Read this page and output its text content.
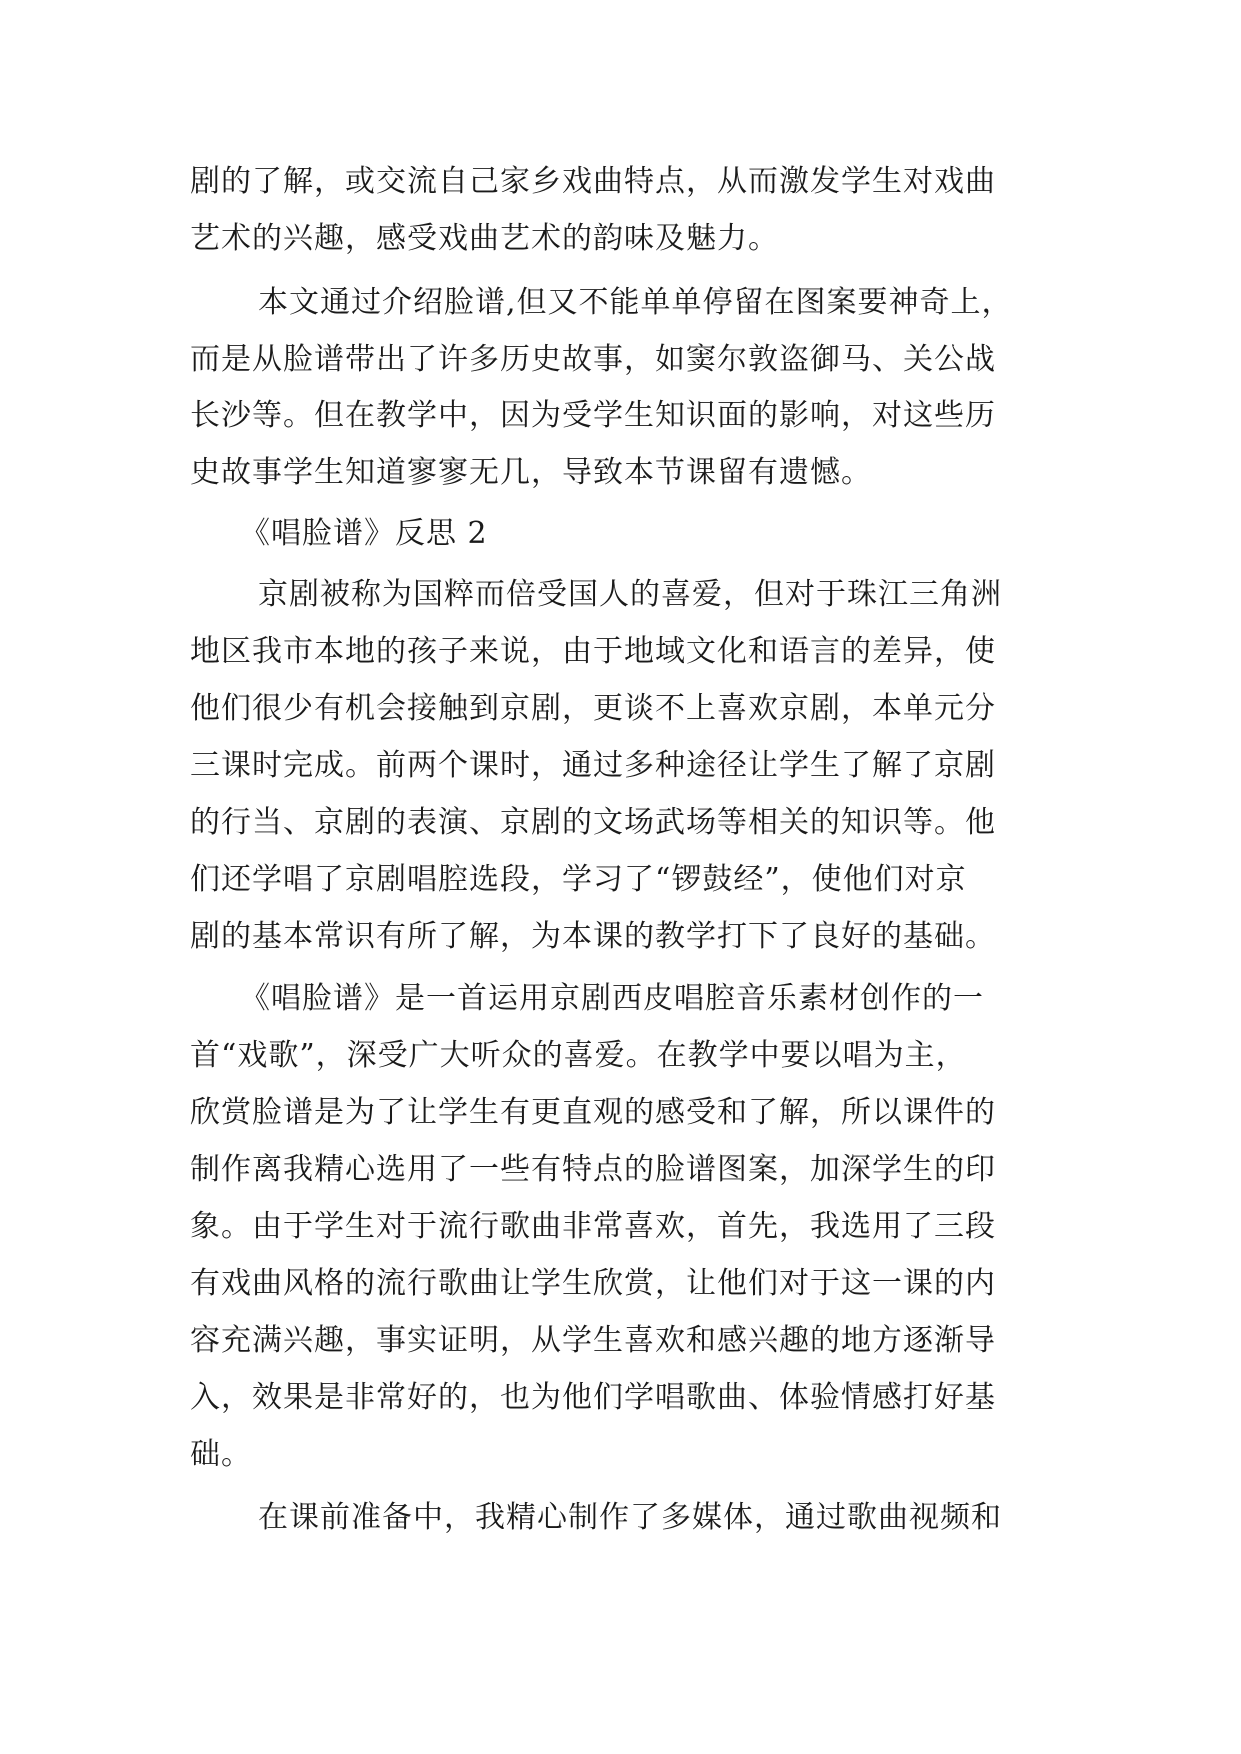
剧的了解，或交流自己家乡戏曲特点，从而激发学生对戏曲
艺术的兴趣，感受戏曲艺术的韵味及魅力。
本文通过介绍脸谱,但又不能单单停留在图案要神奇上，
而是从脸谱带出了许多历史故事，如窦尔敦盗御马、关公战
长沙等。但在教学中，因为受学生知识面的影响，对这些历
史故事学生知道寥寥无几，导致本节课留有遗憾。
《唱脸谱》反思 2
京剧被称为国粹而倍受国人的喜爱，但对于珠江三角洲
地区我市本地的孩子来说，由于地域文化和语言的差异，使
他们很少有机会接触到京剧，更谈不上喜欢京剧，本单元分
三课时完成。前两个课时，通过多种途径让学生了解了京剧
的行当、京剧的表演、京剧的文场武场等相关的知识等。他
们还学唱了京剧唱腔选段，学习了“锣鼓经”，使他们对京
剧的基本常识有所了解，为本课的教学打下了良好的基础。
《唱脸谱》是一首运用京剧西皮唱腔音乐素材创作的一
首“戏歌”，深受广大听众的喜爱。在教学中要以唱为主，
欣赏脸谱是为了让学生有更直观的感受和了解，所以课件的
制作离我精心选用了一些有特点的脸谱图案，加深学生的印
象。由于学生对于流行歌曲非常喜欢，首先，我选用了三段
有戏曲风格的流行歌曲让学生欣赏，让他们对于这一课的内
容充满兴趣，事实证明，从学生喜欢和感兴趣的地方逐渐导
入，效果是非常好的，也为他们学唱歌曲、体验情感打好基
础。
在课前准备中，我精心制作了多媒体，通过歌曲视频和
